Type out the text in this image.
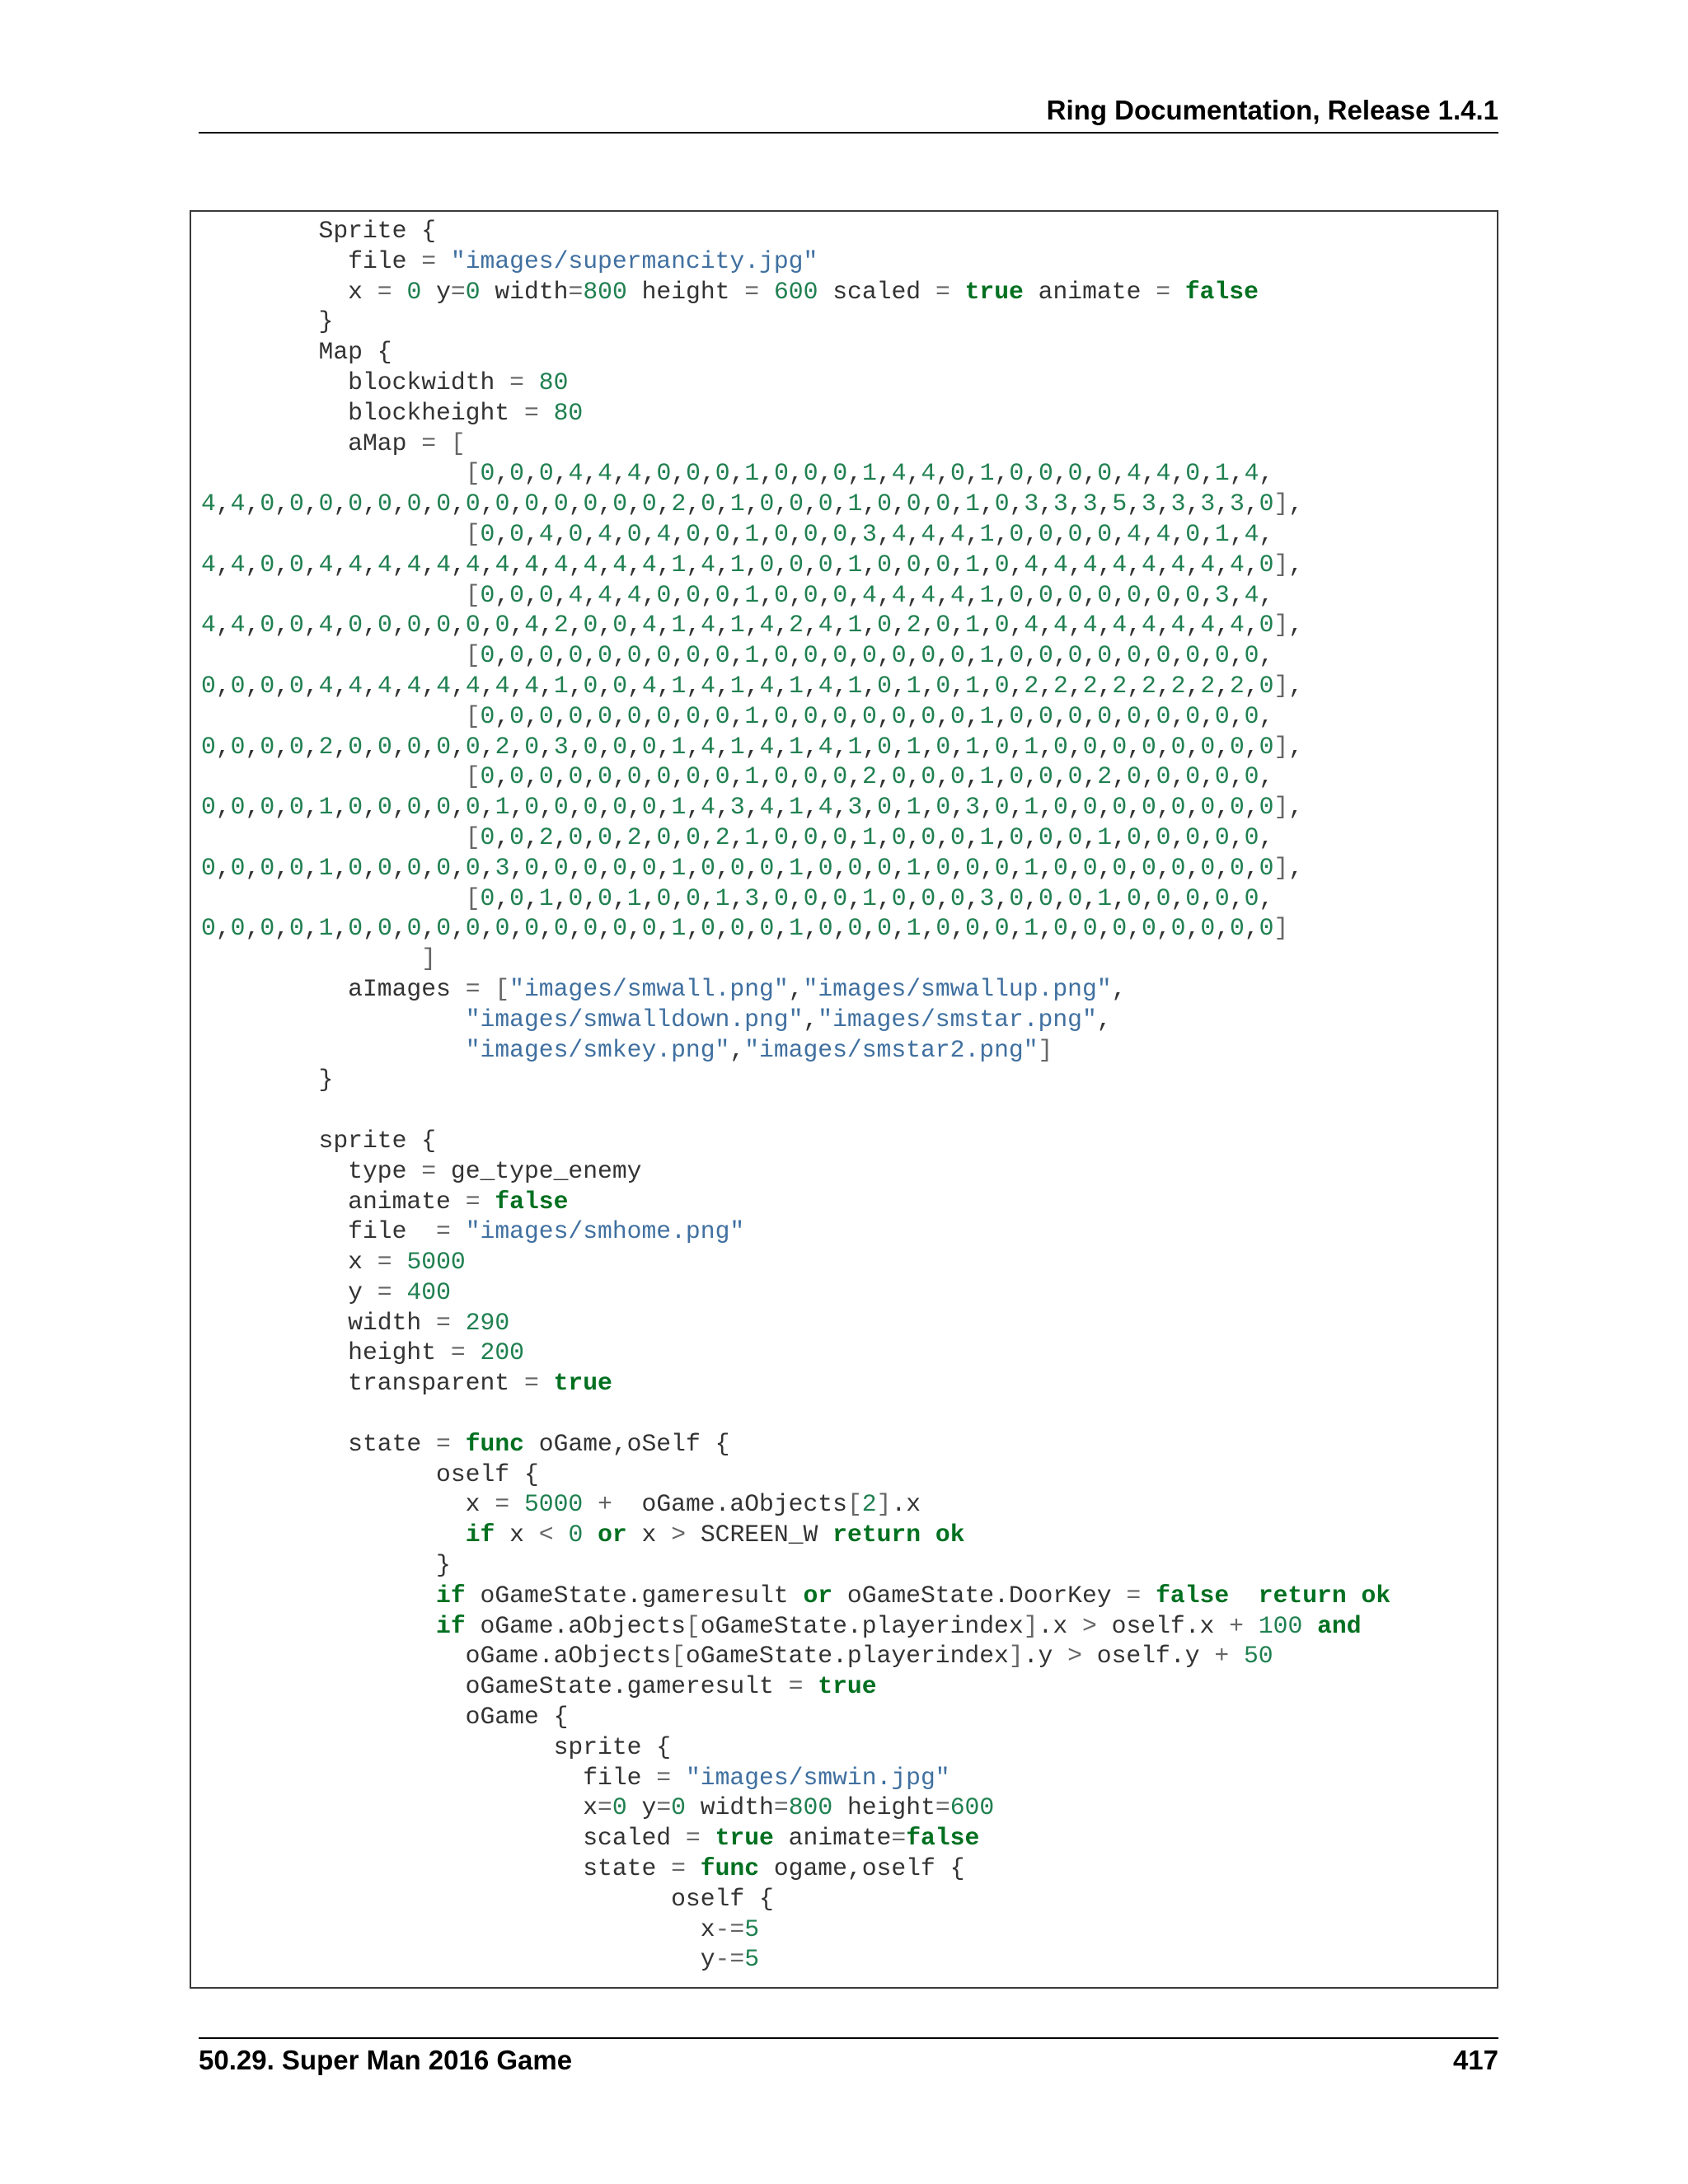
Ring Documentation, Release 1.4.1
Sprite {
file = "images/supermancity.jpg"
x = 0 y=0 width=800 height = 600 scaled = true animate = false
}
Map {
blockwidth = 80
blockheight = 80
aMap = [
[0,0,0,4,4,4,0,0,0,1,0,0,0,1,4,4,0,1,0,0,0,0,4,4,0,1,4,
4,4,0,0,0,0,0,0,0,0,0,0,0,0,0,0,2,0,1,0,0,0,1,0,0,0,1,0,3,3,3,5,3,3,3,3,0],
[0,0,4,0,4,0,4,0,0,1,0,0,0,3,4,4,4,1,0,0,0,0,4,4,0,1,4,
4,4,0,0,4,4,4,4,4,4,4,4,4,4,4,4,1,4,1,0,0,0,1,0,0,0,1,0,4,4,4,4,4,4,4,4,0],
[0,0,0,4,4,4,0,0,0,1,0,0,0,4,4,4,4,1,0,0,0,0,0,0,0,3,4,
4,4,0,0,4,0,0,0,0,0,0,4,2,0,0,4,1,4,1,4,2,4,1,0,2,0,1,0,4,4,4,4,4,4,4,4,0],
[0,0,0,0,0,0,0,0,0,1,0,0,0,0,0,0,0,1,0,0,0,0,0,0,0,0,0,
0,0,0,0,4,4,4,4,4,4,4,4,1,0,0,4,1,4,1,4,1,4,1,0,1,0,1,0,2,2,2,2,2,2,2,2,0],
[0,0,0,0,0,0,0,0,0,1,0,0,0,0,0,0,0,1,0,0,0,0,0,0,0,0,0,
0,0,0,0,2,0,0,0,0,0,2,0,3,0,0,0,1,4,1,4,1,4,1,0,1,0,1,0,1,0,0,0,0,0,0,0,0],
[0,0,0,0,0,0,0,0,0,1,0,0,0,2,0,0,0,1,0,0,0,2,0,0,0,0,0,
0,0,0,0,1,0,0,0,0,0,1,0,0,0,0,0,1,4,3,4,1,4,3,0,1,0,3,0,1,0,0,0,0,0,0,0,0],
[0,0,2,0,0,2,0,0,2,1,0,0,0,1,0,0,0,1,0,0,0,1,0,0,0,0,0,
0,0,0,0,1,0,0,0,0,0,3,0,0,0,0,0,1,0,0,0,1,0,0,0,1,0,0,0,1,0,0,0,0,0,0,0,0],
[0,0,1,0,0,1,0,0,1,3,0,0,0,1,0,0,0,3,0,0,0,1,0,0,0,0,0,
0,0,0,0,1,0,0,0,0,0,0,0,0,0,0,0,1,0,0,0,1,0,0,0,1,0,0,0,1,0,0,0,0,0,0,0,0]
]
aImages = ["images/smwall.png","images/smwallup.png",
"images/smwalldown.png","images/smstar.png",
"images/smkey.png","images/smstar2.png"]
}
sprite {
type = ge_type_enemy
animate = false
file  = "images/smhome.png"
x = 5000
y = 400
width = 290
height = 200
transparent = true
state = func oGame,oSelf {
oself {
x = 5000 +  oGame.aObjects[2].x
if x < 0 or x > SCREEN_W return ok
}
if oGameState.gameresult or oGameState.DoorKey = false return ok
if oGame.aObjects[oGameState.playerindex].x > oself.x + 100 and
oGame.aObjects[oGameState.playerindex].y > oself.y + 50
oGameState.gameresult = true
oGame {
sprite {
file = "images/smwin.jpg"
x=0 y=0 width=800 height=600
scaled = true animate=false
state = func ogame,oself {
oself {
x-=5
y-=5
50.29. Super Man 2016 Game	417
